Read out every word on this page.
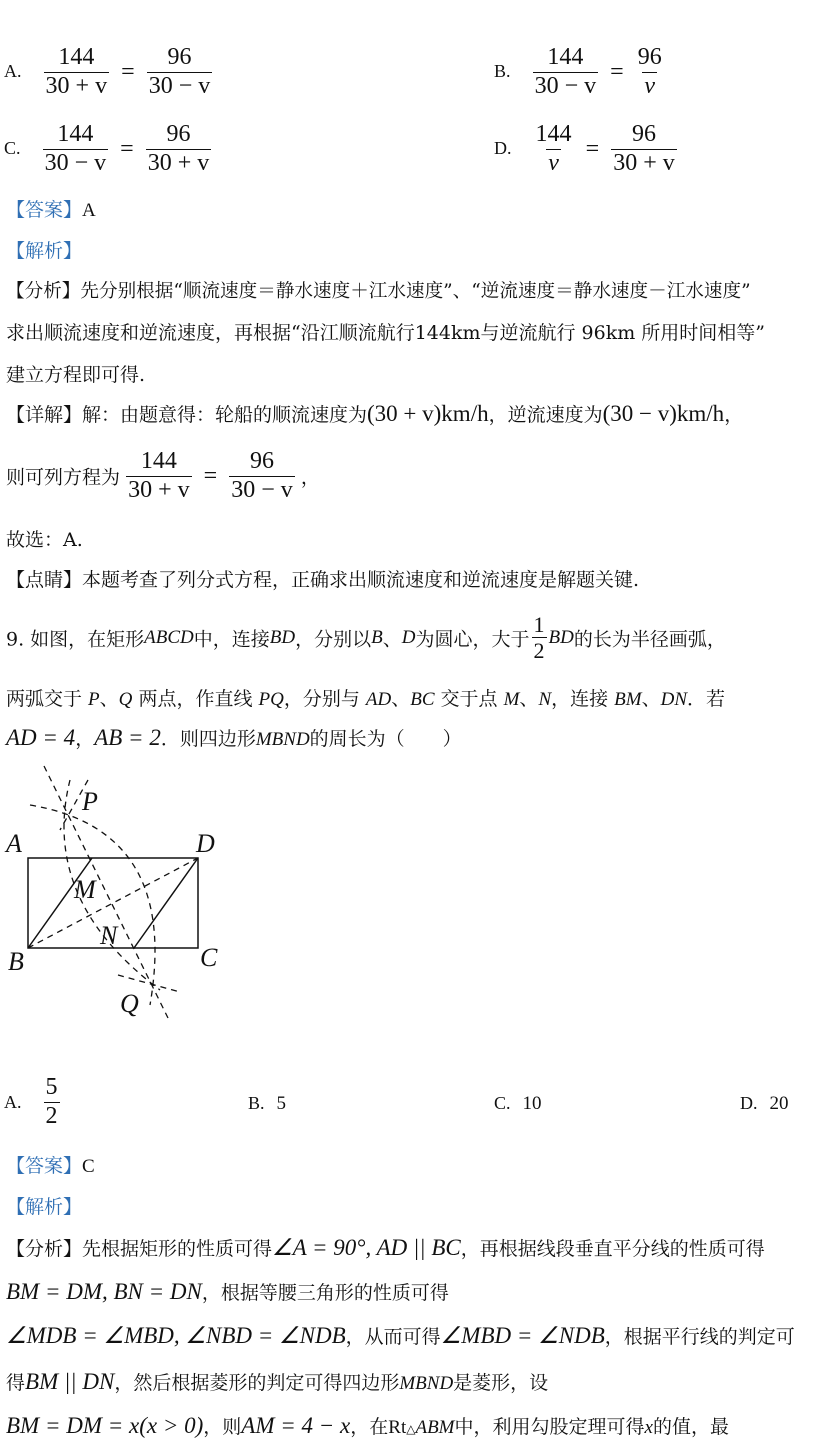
A. $\frac{144}{30 + v} = \frac{96}{30 - v}$	B. $\frac{144}{30 - v} = \frac{96}{v}$
C. $\frac{144}{30 - v} = \frac{96}{30 + v}$	D. $\frac{144}{v} = \frac{96}{30 + v}$
【答案】A
【解析】
【分析】先分别根据“顺流速度＝静水速度＋江水速度”、“逆流速度＝静水速度－江水速度”
求出顺流速度和逆流速度，再根据“沿江顺流航行144km与逆流航行 96km 所用时间相等”
建立方程即可得.
【详解】解：由题意得：轮船的顺流速度为(30 + v)km/h，逆流速度为(30 − v)km/h，
则可列方程为 $\frac{144}{30 + v} = \frac{96}{30 - v}$ ，
故选：A.
【点睛】本题考查了列分式方程，正确求出顺流速度和逆流速度是解题关键.
9. 如图，在矩形ABCD中，连接BD，分别以B、D为圆心，大于 $\frac{1}{2}$ BD的长为半径画弧，
两弧交于 P、Q 两点，作直线 PQ，分别与 AD、BC 交于点 M、N，连接 BM、DN．若
AD = 4，AB = 2．则四边形MBND的周长为（　　）
P
A	D
M
N
B	C
Q
A. $\frac{5}{2}$	B. 5	C. 10	D. 20
【答案】C
【解析】
【分析】先根据矩形的性质可得∠A = 90°, AD || BC，再根据线段垂直平分线的性质可得
BM = DM, BN = DN，根据等腰三角形的性质可得
∠MDB = ∠MBD, ∠NBD = ∠NDB，从而可得∠MBD = ∠NDB，根据平行线的判定可
得BM || DN，然后根据菱形的判定可得四边形MBND是菱形，设
BM = DM = x(x > 0)，则AM = 4 − x，在Rt△ABM中，利用勾股定理可得x的值，最
